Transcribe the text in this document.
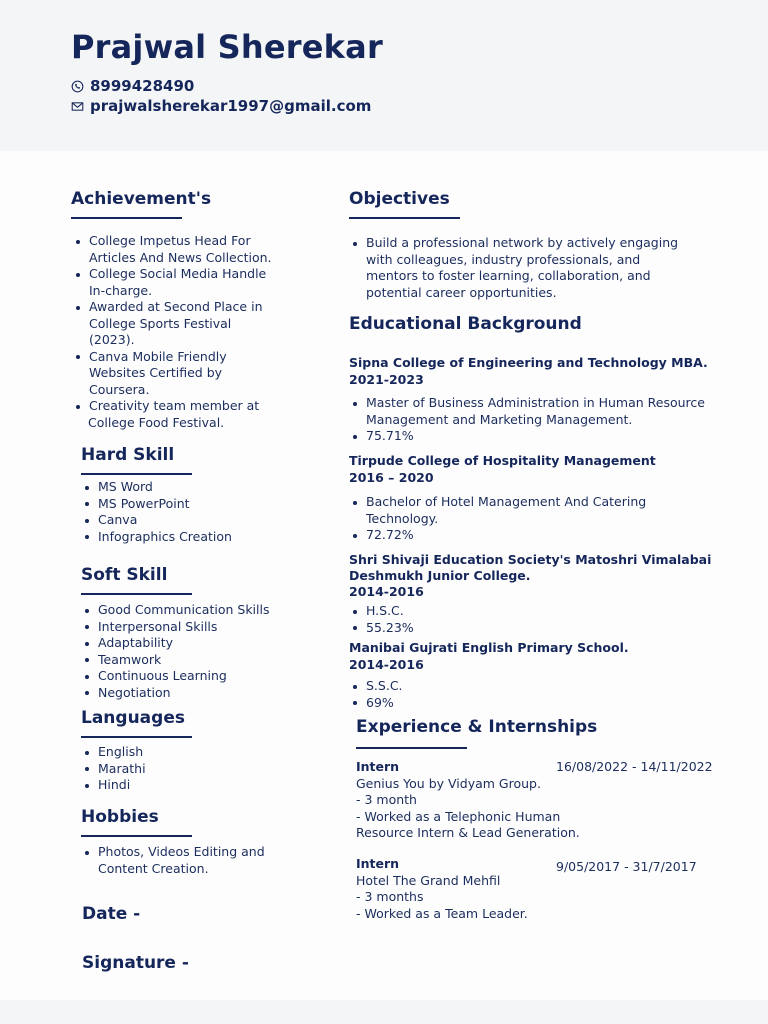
Prajwal Sherekar
8999428490
prajwalsherekar1997@gmail.com
Achievement's
College Impetus Head For
Articles And News Collection.
College Social Media Handle
In-charge.
Awarded at Second Place in
College Sports Festival
(2023).
Canva Mobile Friendly
Websites Certified by
Coursera.
Creativity team member at
College Food Festival.
Hard Skill
MS Word
MS PowerPoint
Canva
Infographics Creation
Soft Skill
Good Communication Skills
Interpersonal Skills
Adaptability
Teamwork
Continuous Learning
Negotiation
Languages
English
Marathi
Hindi
Hobbies
Photos, Videos Editing and
Content Creation.
Date -
Signature -
Objectives
Build a professional network by actively engaging
with colleagues, industry professionals, and
mentors to foster learning, collaboration, and
potential career opportunities.
Educational Background
Sipna College of Engineering and Technology MBA.
2021-2023
Master of Business Administration in Human Resource
Management and Marketing Management.
75.71%
Tirpude College of Hospitality Management
2016 – 2020
Bachelor of Hotel Management And Catering
Technology.
72.72%
Shri Shivaji Education Society's Matoshri Vimalabai
Deshmukh Junior College.
2014-2016
H.S.C.
55.23%
Manibai Gujrati English Primary School.
2014-2016
S.S.C.
69%
Experience & Internships
Intern	16/08/2022 - 14/11/2022
Genius You by Vidyam Group.
- 3 month
- Worked as a Telephonic Human
Resource Intern & Lead Generation.
Intern	9/05/2017 - 31/7/2017
Hotel The Grand Mehfil
- 3 months
- Worked as a Team Leader.
